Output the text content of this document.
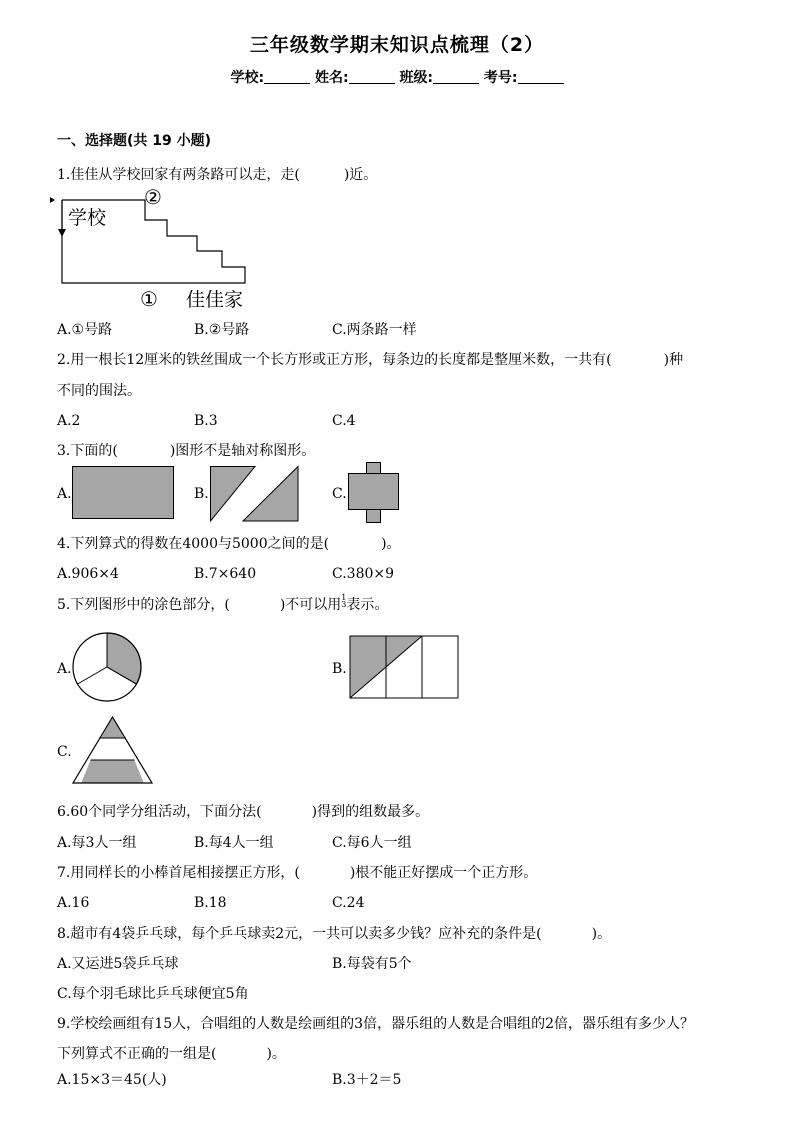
三年级数学期末知识点梳理（2）
学校:	姓名:	班级:	考号:
一、选择题(共 19 小题)
1.佳佳从学校回家有两条路可以走，走(	)近。
学校
②
① 佳佳家
A.①号路	B.②号路	C.两条路一样
2.用一根长12厘米的铁丝围成一个长方形或正方形，每条边的长度都是整厘米数，一共有(	)种
不同的围法。
A.2	B.3	C.4
3.下面的(	)图形不是轴对称图形。
A.	B.	C.
4.下列算式的得数在4000与5000之间的是(	)。
A.906×4	B.7×640	C.380×9
5.下列图形中的涂色部分，(	)不可以用1
3表示。
A.	B.
C.
6.60个同学分组活动，下面分法(	)得到的组数最多。
A.每3人一组	B.每4人一组	C.每6人一组
7.用同样长的小棒首尾相接摆正方形，(	)根不能正好摆成一个正方形。
A.16	B.18	C.24
8.超市有4袋乒乓球，每个乒乓球卖2元，一共可以卖多少钱？应补充的条件是(	)。
A.又运进5袋乒乓球	B.每袋有5个
C.每个羽毛球比乒乓球便宜5角
9.学校绘画组有15人，合唱组的人数是绘画组的3倍，器乐组的人数是合唱组的2倍，器乐组有多少人？
下列算式不正确的一组是(	)。
A.15×3＝45(人)	B.3＋2＝5
